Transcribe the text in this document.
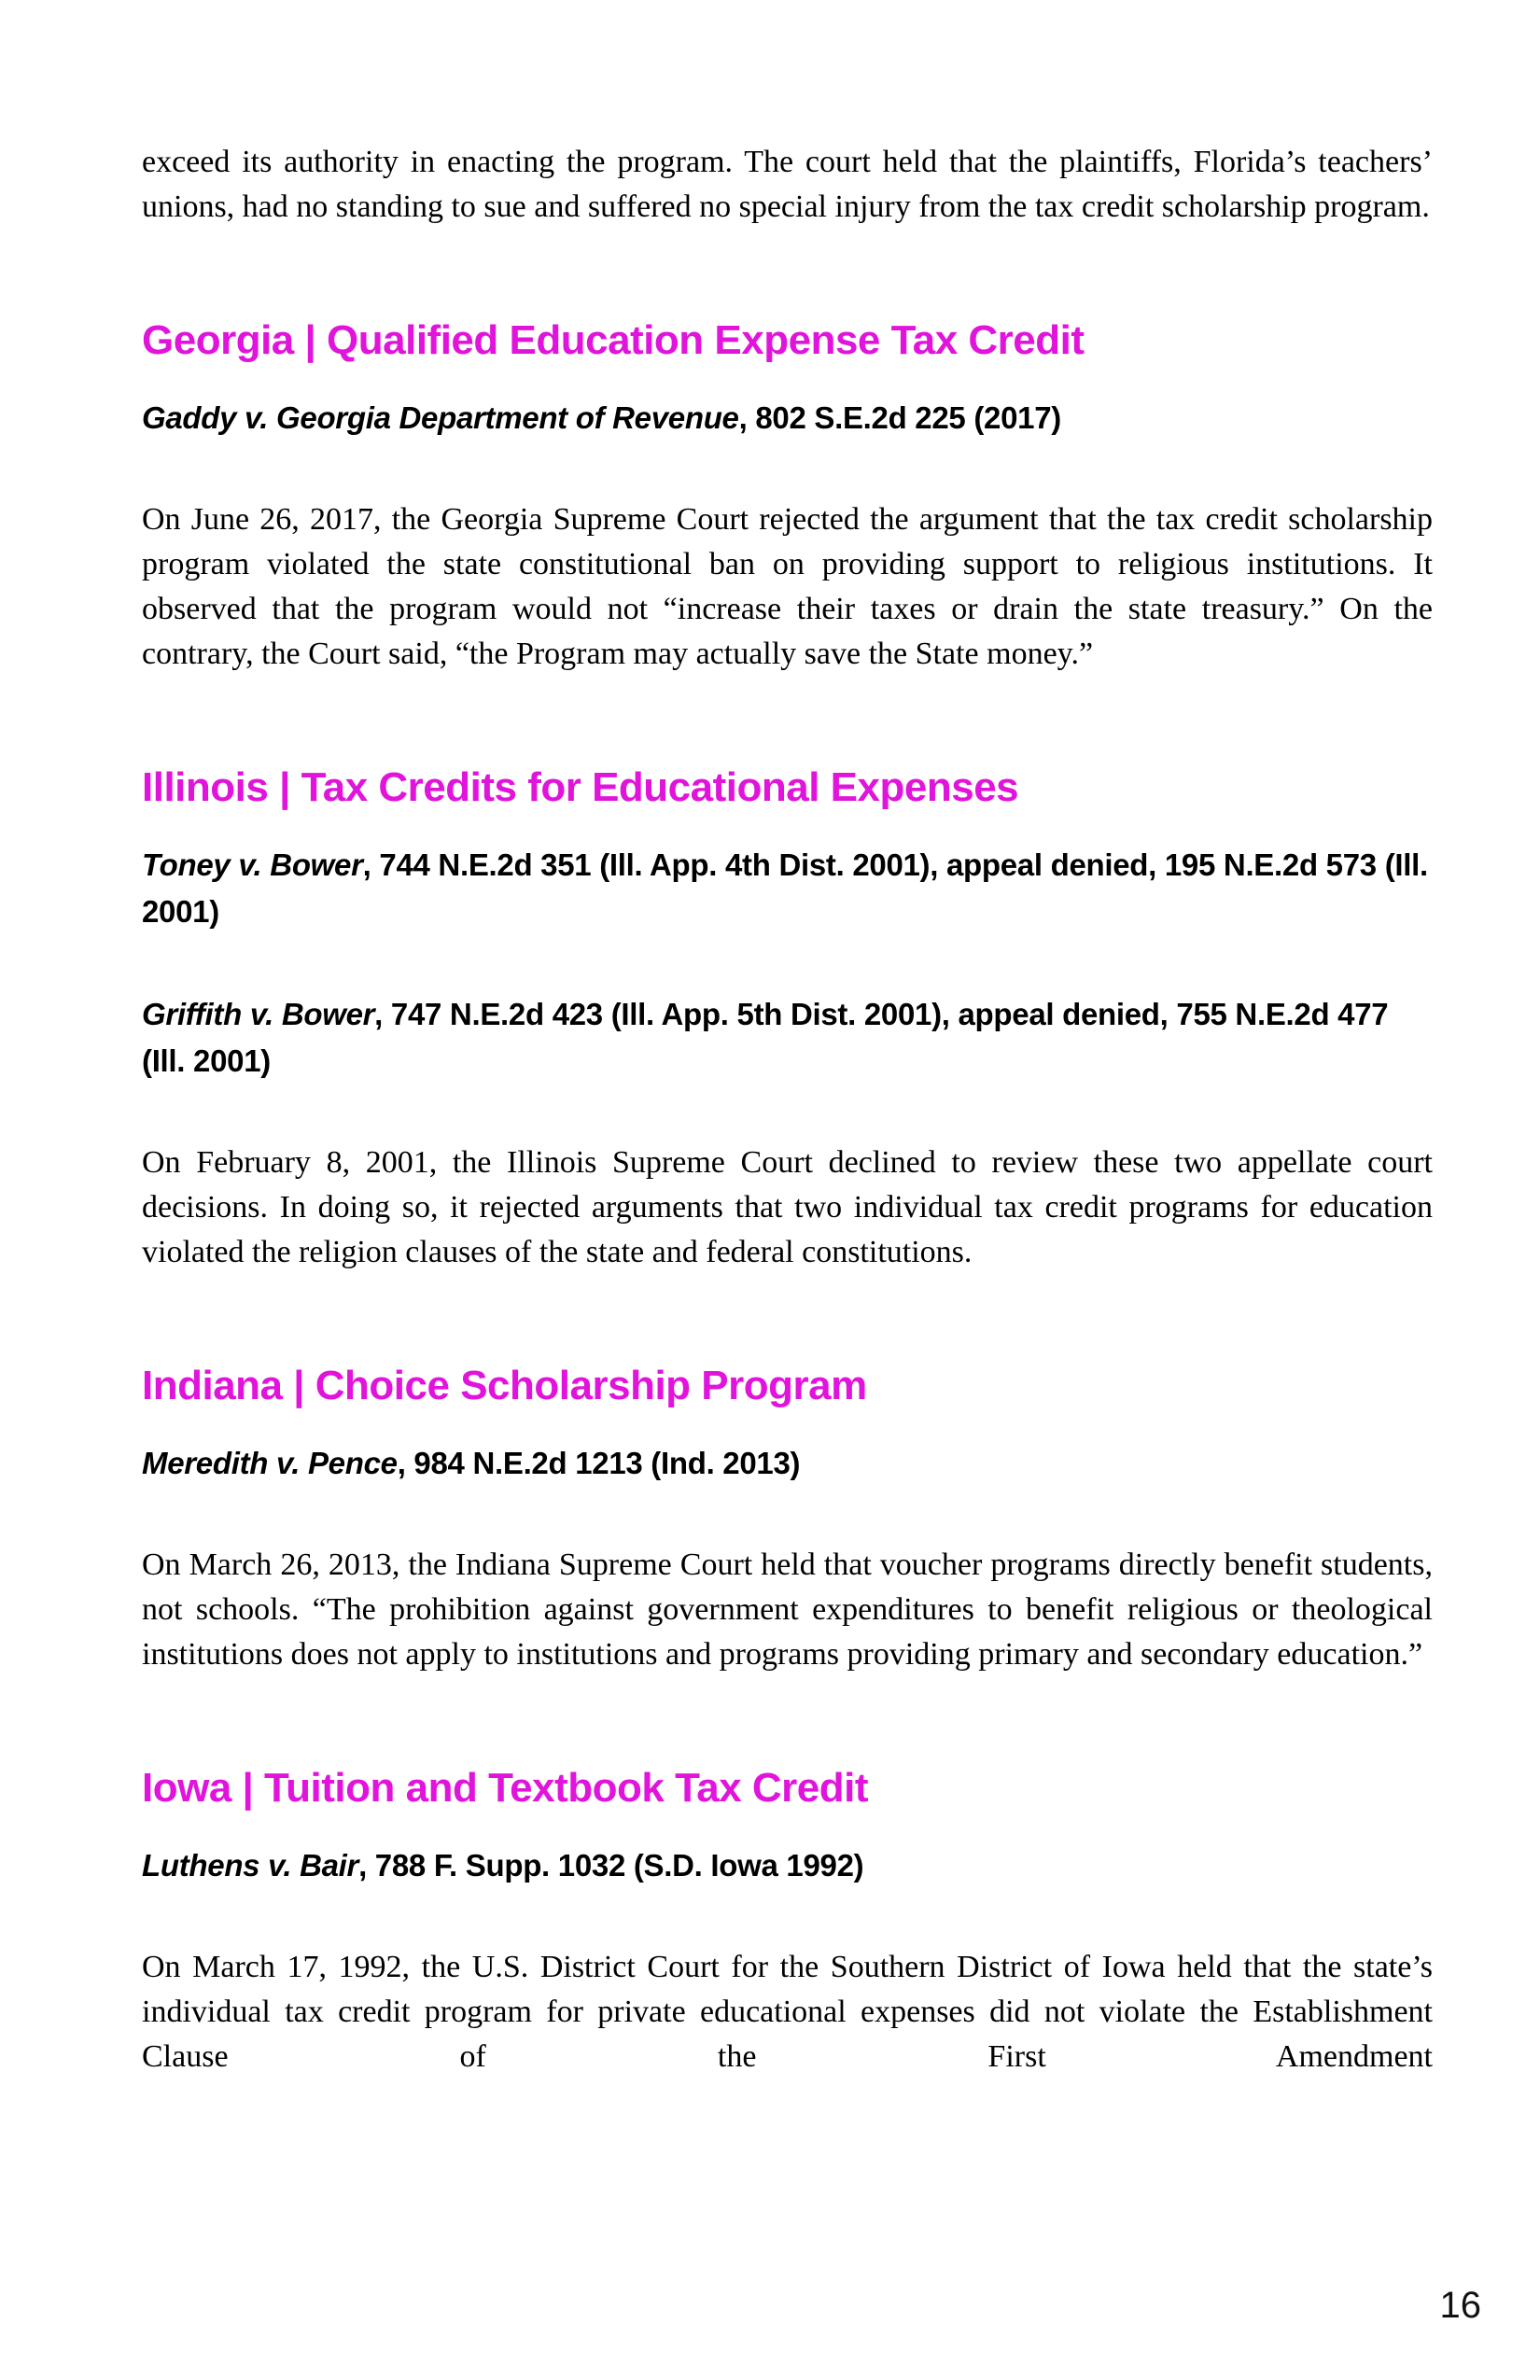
exceed its authority in enacting the program. The court held that the plaintiffs, Florida’s teachers’ unions, had no standing to sue and suffered no special injury from the tax credit scholarship program.

Georgia | Qualified Education Expense Tax Credit

Gaddy v. Georgia Department of Revenue, 802 S.E.2d 225 (2017)

On June 26, 2017, the Georgia Supreme Court rejected the argument that the tax credit scholarship program violated the state constitutional ban on providing support to religious institutions. It observed that the program would not “increase their taxes or drain the state treasury.” On the contrary, the Court said, “the Program may actually save the State money.”

Illinois | Tax Credits for Educational Expenses

Toney v. Bower, 744 N.E.2d 351 (Ill. App. 4th Dist. 2001), appeal denied, 195 N.E.2d 573 (Ill. 2001)

Griffith v. Bower, 747 N.E.2d 423 (Ill. App. 5th Dist. 2001), appeal denied, 755 N.E.2d 477 (Ill. 2001)

On February 8, 2001, the Illinois Supreme Court declined to review these two appellate court decisions. In doing so, it rejected arguments that two individual tax credit programs for education violated the religion clauses of the state and federal constitutions.

Indiana | Choice Scholarship Program

Meredith v. Pence, 984 N.E.2d 1213 (Ind. 2013)

On March 26, 2013, the Indiana Supreme Court held that voucher programs directly benefit students, not schools. “The prohibition against government expenditures to benefit religious or theological institutions does not apply to institutions and programs providing primary and secondary education.”

Iowa | Tuition and Textbook Tax Credit

Luthens v. Bair, 788 F. Supp. 1032 (S.D. Iowa 1992)

On March 17, 1992, the U.S. District Court for the Southern District of Iowa held that the state’s individual tax credit program for private educational expenses did not violate the Establishment Clause of the First Amendment

16
